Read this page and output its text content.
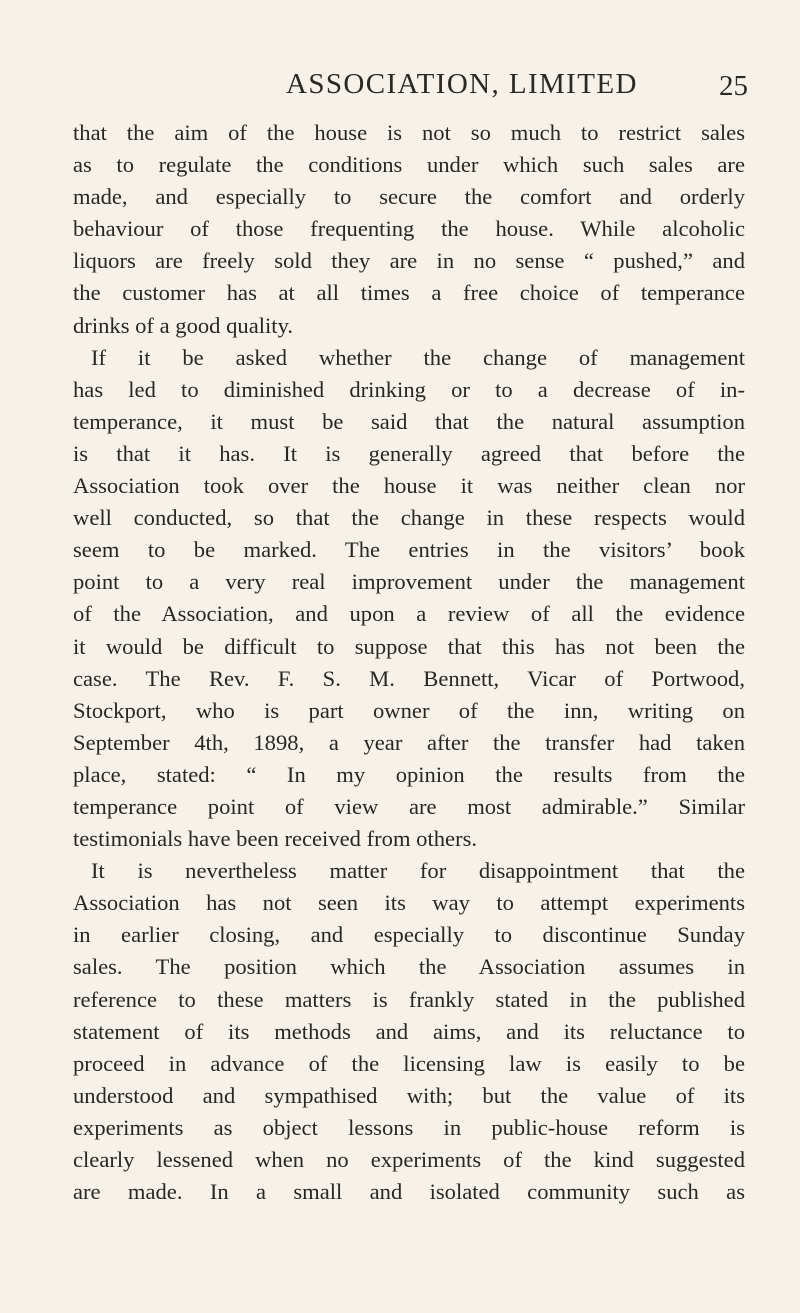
ASSOCIATION, LIMITED	25
that the aim of the house is not so much to restrict sales
as to regulate the conditions under which such sales are
made, and especially to secure the comfort and orderly
behaviour of those frequenting the house. While alcoholic
liquors are freely sold they are in no sense “ pushed,” and
the customer has at all times a free choice of temperance
drinks of a good quality.
If it be asked whether the change of management
has led to diminished drinking or to a decrease of in-
temperance, it must be said that the natural assumption
is that it has. It is generally agreed that before the
Association took over the house it was neither clean nor
well conducted, so that the change in these respects would
seem to be marked. The entries in the visitors’ book
point to a very real improvement under the management
of the Association, and upon a review of all the evidence
it would be difficult to suppose that this has not been the
case. The Rev. F. S. M. Bennett, Vicar of Portwood,
Stockport, who is part owner of the inn, writing on
September 4th, 1898, a year after the transfer had taken
place, stated: “ In my opinion the results from the
temperance point of view are most admirable.” Similar
testimonials have been received from others.
It is nevertheless matter for disappointment that the
Association has not seen its way to attempt experiments
in earlier closing, and especially to discontinue Sunday
sales. The position which the Association assumes in
reference to these matters is frankly stated in the published
statement of its methods and aims, and its reluctance to
proceed in advance of the licensing law is easily to be
understood and sympathised with; but the value of its
experiments as object lessons in public-house reform is
clearly lessened when no experiments of the kind suggested
are made. In a small and isolated community such as
